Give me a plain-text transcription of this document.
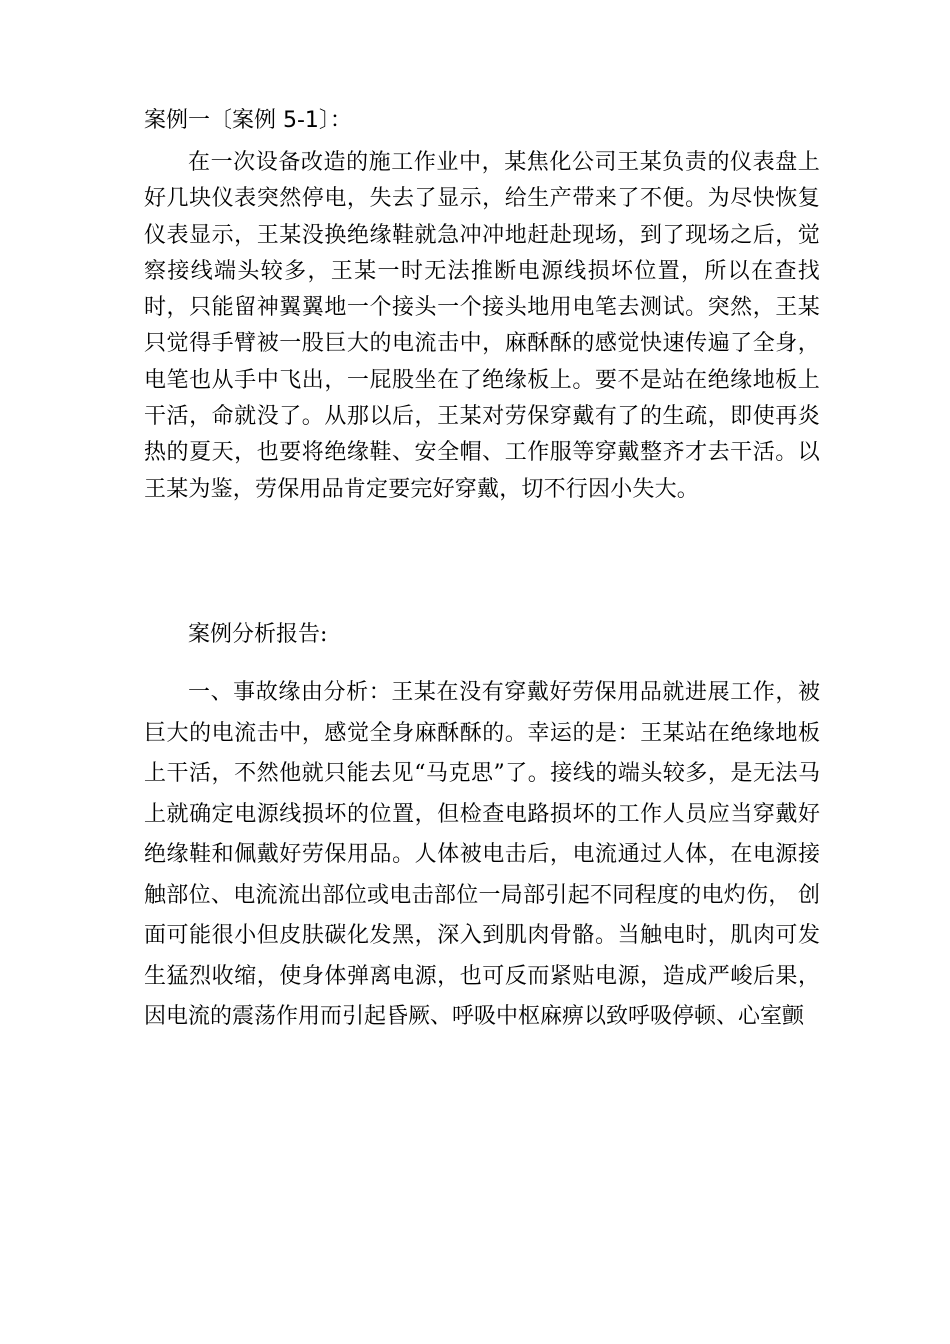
案例一〔案例 5-1〕：

在一次设备改造的施工作业中，某焦化公司王某负责的仪表盘上好几块仪表突然停电，失去了显示，给生产带来了不便。为尽快恢复仪表显示，王某没换绝缘鞋就急冲冲地赶赴现场，到了现场之后，觉察接线端头较多，王某一时无法推断电源线损坏位置，所以在查找时，只能留神翼翼地一个接头一个接头地用电笔去测试。突然，王某只觉得手臂被一股巨大的电流击中，麻酥酥的感觉快速传遍了全身，电笔也从手中飞出，一屁股坐在了绝缘板上。要不是站在绝缘地板上干活，命就没了。从那以后，王某对劳保穿戴有了的生疏，即使再炎热的夏天，也要将绝缘鞋、安全帽、工作服等穿戴整齐才去干活。以王某为鉴，劳保用品肯定要完好穿戴，切不行因小失大。

案例分析报告:

一、事故缘由分析：王某在没有穿戴好劳保用品就进展工作，被巨大的电流击中，感觉全身麻酥酥的。幸运的是：王某站在绝缘地板上干活，不然他就只能去见“马克思”了。接线的端头较多，是无法马上就确定电源线损坏的位置，但检查电路损坏的工作人员应当穿戴好绝缘鞋和佩戴好劳保用品。人体被电击后，电流通过人体，在电源接触部位、电流流出部位或电击部位一局部引起不同程度的电灼伤， 创面可能很小但皮肤碳化发黑，深入到肌肉骨骼。当触电时，肌肉可发生猛烈收缩，使身体弹离电源，也可反而紧贴电源，造成严峻后果， 因电流的震荡作用而引起昏厥、呼吸中枢麻痹以致呼吸停顿、心室颤
